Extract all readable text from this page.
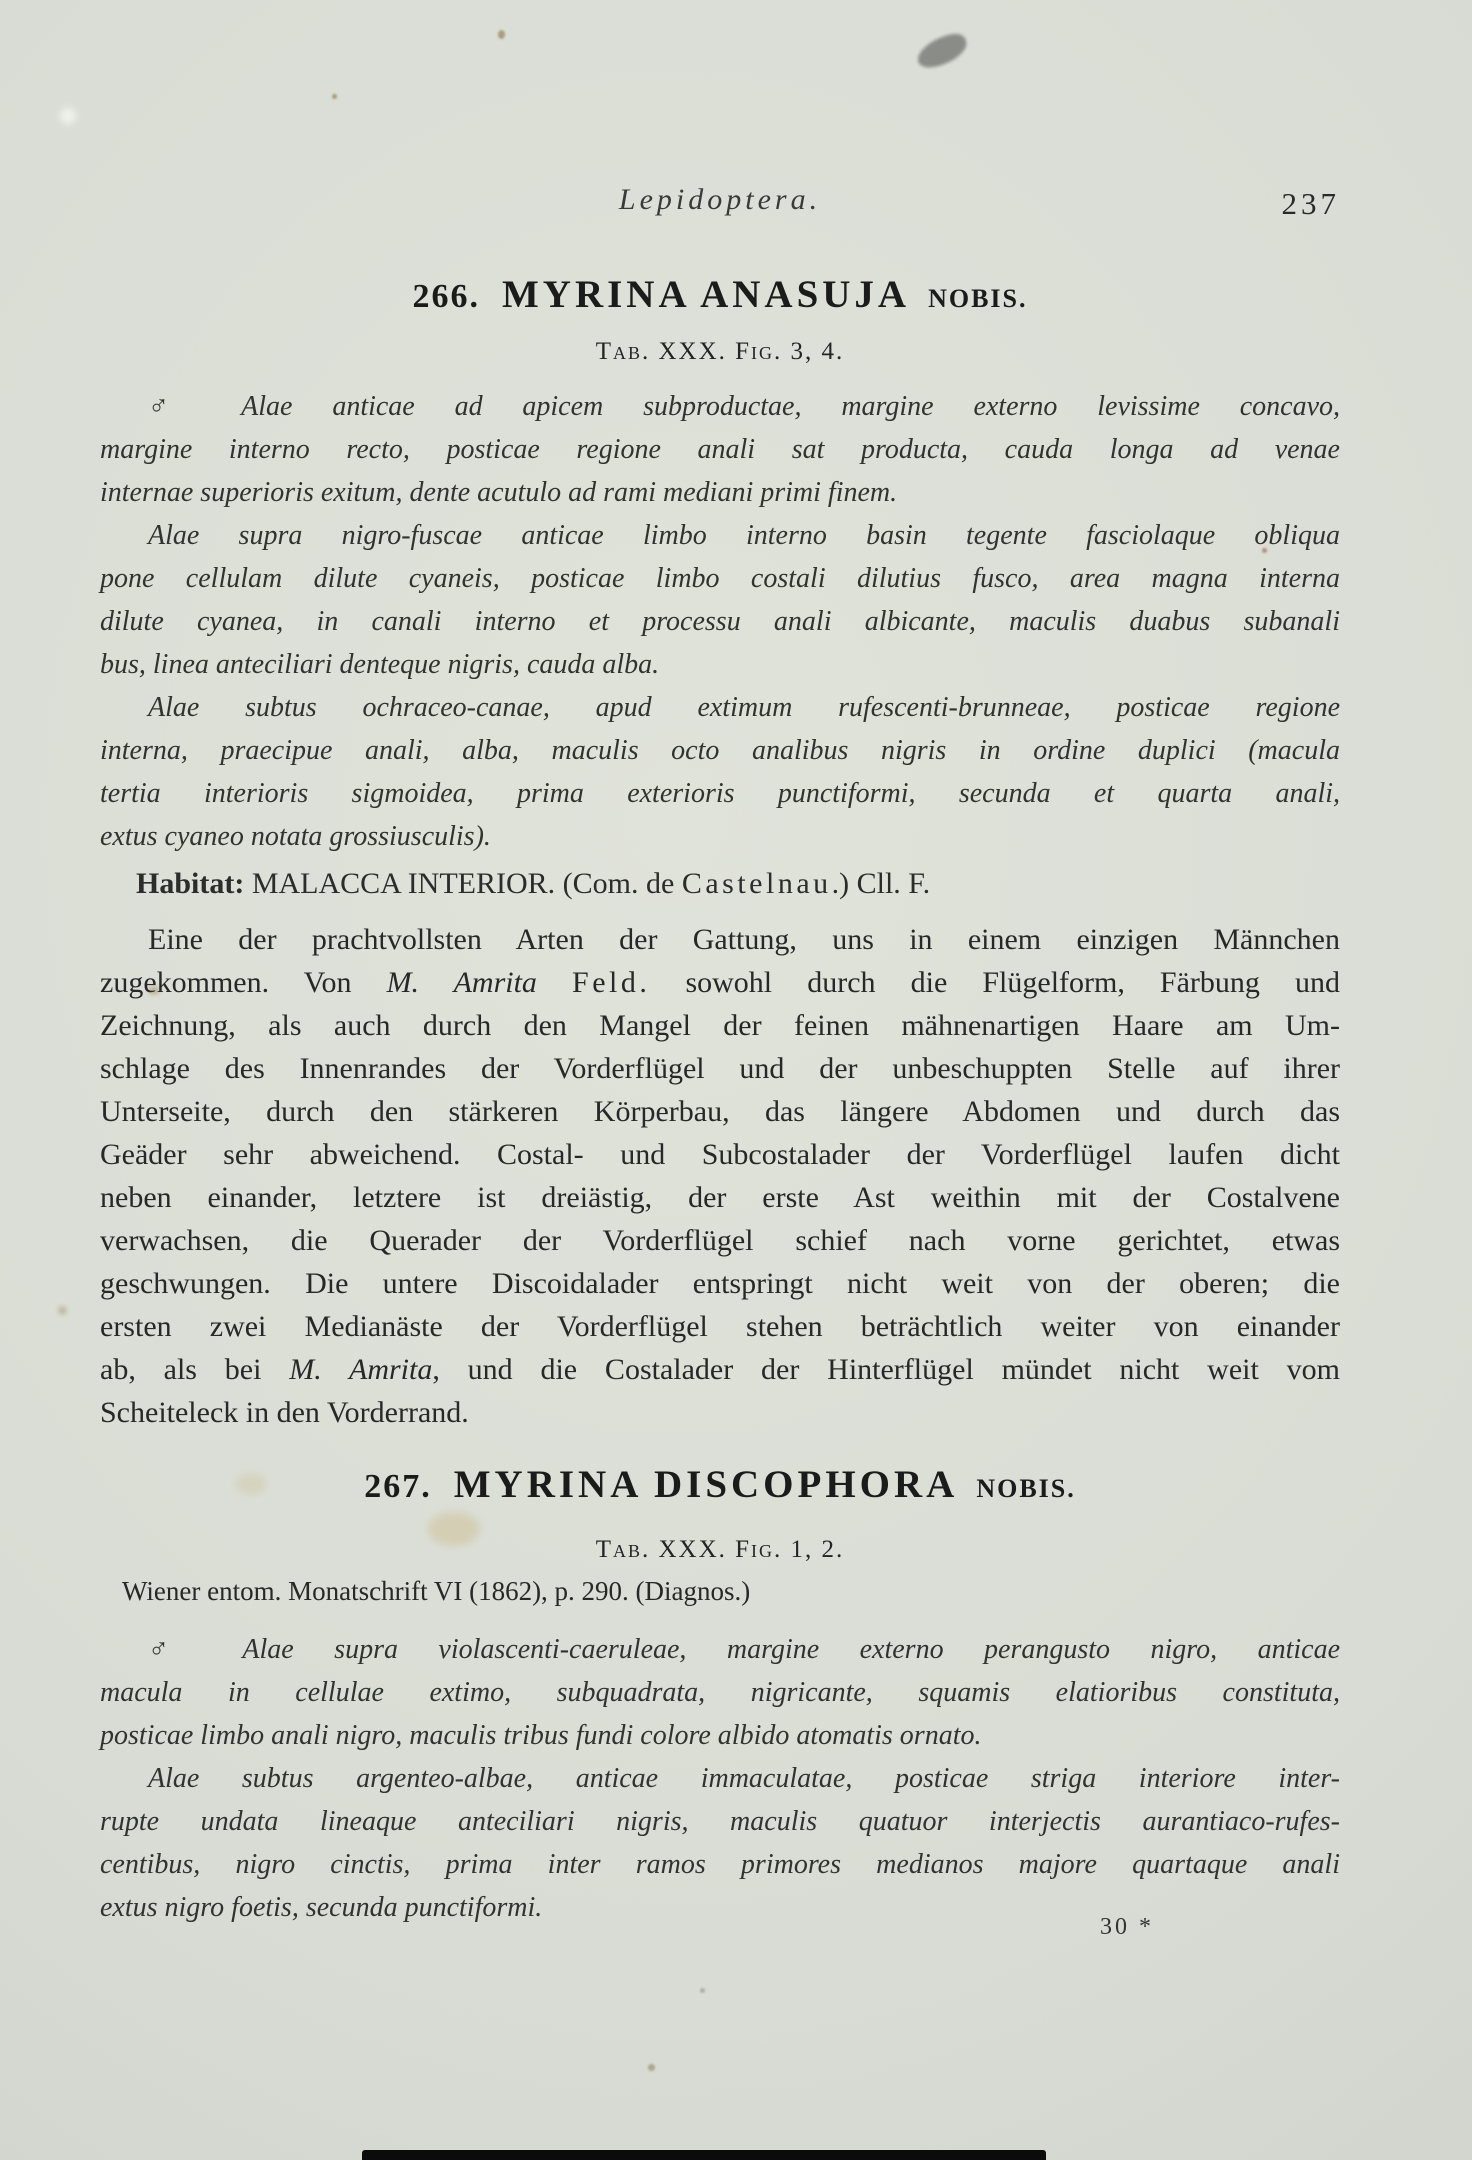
Lepidoptera.	237
266. MYRINA ANASUJA NOBIS.
Tab. XXX. Fig. 3, 4.
♂ Alae anticae ad apicem subproductae, margine externo levissime concavo,
margine interno recto, posticae regione anali sat producta, cauda longa ad venae
internae superioris exitum, dente acutulo ad rami mediani primi finem.
Alae supra nigro-fuscae anticae limbo interno basin tegente fasciolaque obliqua
pone cellulam dilute cyaneis, posticae limbo costali dilutius fusco, area magna interna
dilute cyanea, in canali interno et processu anali albicante, maculis duabus subanali
bus, linea anteciliari denteque nigris, cauda alba.
Alae subtus ochraceo-canae, apud extimum rufescenti-brunneae, posticae regione
interna, praecipue anali, alba, maculis octo analibus nigris in ordine duplici (macula
tertia interioris sigmoidea, prima exterioris punctiformi, secunda et quarta anali,
extus cyaneo notata grossiusculis).
Habitat: MALACCA INTERIOR. (Com. de Castelnau.) Cll. F.
Eine der prachtvollsten Arten der Gattung, uns in einem einzigen Männchen
zugekommen. Von M. Amrita Feld. sowohl durch die Flügelform, Färbung und
Zeichnung, als auch durch den Mangel der feinen mähnenartigen Haare am Um-
schlage des Innenrandes der Vorderflügel und der unbeschuppten Stelle auf ihrer
Unterseite, durch den stärkeren Körperbau, das längere Abdomen und durch das
Geäder sehr abweichend. Costal- und Subcostalader der Vorderflügel laufen dicht
neben einander, letztere ist dreiästig, der erste Ast weithin mit der Costalvene
verwachsen, die Querader der Vorderflügel schief nach vorne gerichtet, etwas
geschwungen. Die untere Discoidalader entspringt nicht weit von der oberen; die
ersten zwei Medianäste der Vorderflügel stehen beträchtlich weiter von einander
ab, als bei M. Amrita, und die Costalader der Hinterflügel mündet nicht weit vom
Scheiteleck in den Vorderrand.
267. MYRINA DISCOPHORA NOBIS.
Tab. XXX. Fig. 1, 2.
Wiener entom. Monatschrift VI (1862), p. 290. (Diagnos.)
♂ Alae supra violascenti-caeruleae, margine externo perangusto nigro, anticae
macula in cellulae extimo, subquadrata, nigricante, squamis elatioribus constituta,
posticae limbo anali nigro, maculis tribus fundi colore albido atomatis ornato.
Alae subtus argenteo-albae, anticae immaculatae, posticae striga interiore inter-
rupte undata lineaque anteciliari nigris, maculis quatuor interjectis aurantiaco-rufes-
centibus, nigro cinctis, prima inter ramos primores medianos majore quartaque anali
extus nigro foetis, secunda punctiformi.
30 *
